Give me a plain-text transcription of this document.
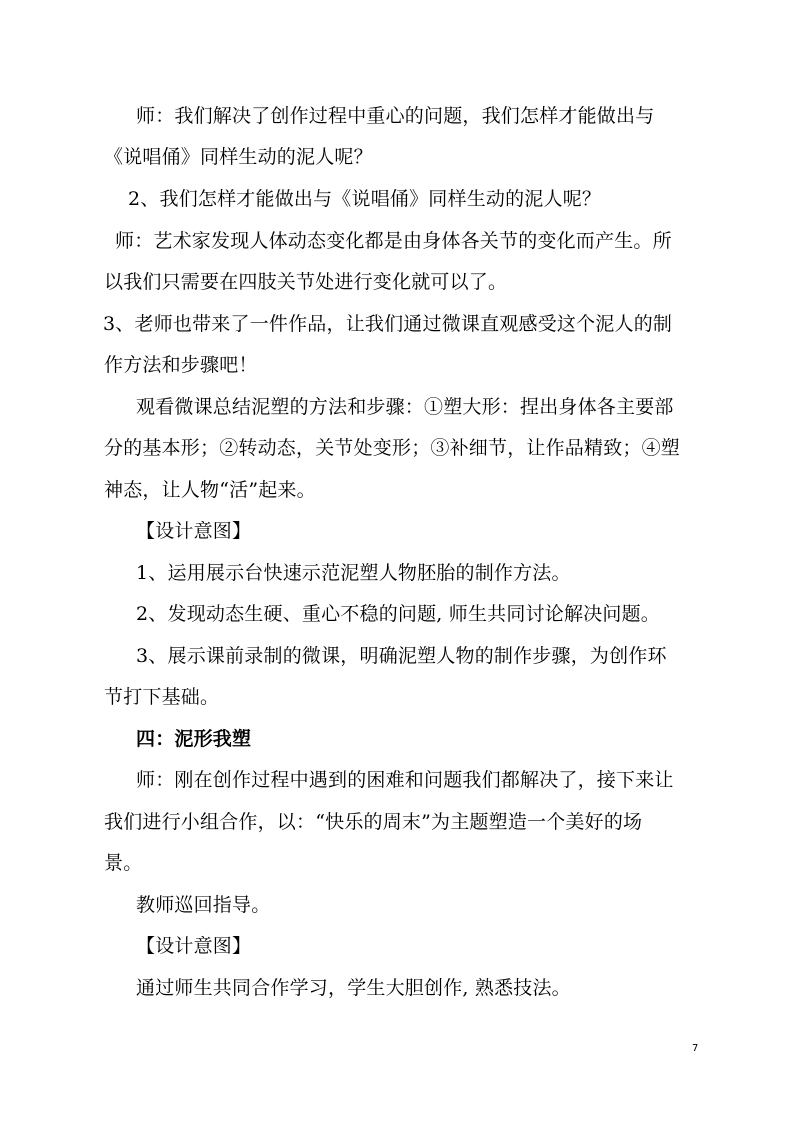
师：我们解决了创作过程中重心的问题，我们怎样才能做出与
《说唱俑》同样生动的泥人呢？
2、我们怎样才能做出与《说唱俑》同样生动的泥人呢？
师：艺术家发现人体动态变化都是由身体各关节的变化而产生。所
以我们只需要在四肢关节处进行变化就可以了。
3、老师也带来了一件作品，让我们通过微课直观感受这个泥人的制
作方法和步骤吧！
观看微课总结泥塑的方法和步骤：①塑大形：捏出身体各主要部
分的基本形；②转动态，关节处变形；③补细节，让作品精致；④塑
神态，让人物“活”起来。
【设计意图】
1、运用展示台快速示范泥塑人物胚胎的制作方法。
2、发现动态生硬、重心不稳的问题, 师生共同讨论解决问题。
3、展示课前录制的微课，明确泥塑人物的制作步骤，为创作环
节打下基础。
四：泥形我塑
师：刚在创作过程中遇到的困难和问题我们都解决了，接下来让
我们进行小组合作，以：“快乐的周末”为主题塑造一个美好的场
景。
教师巡回指导。
【设计意图】
通过师生共同合作学习，学生大胆创作, 熟悉技法。
7
